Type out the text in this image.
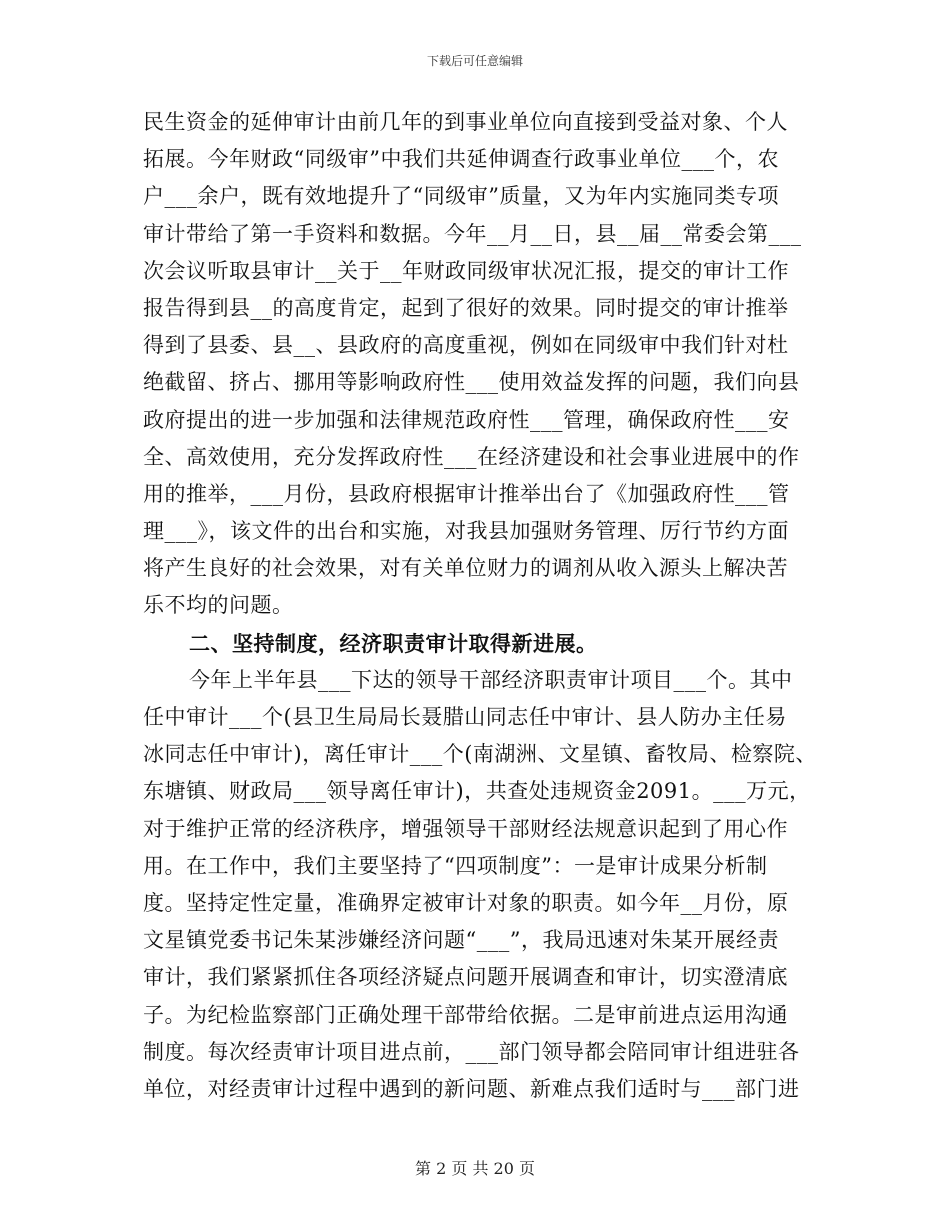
下载后可任意编辑
民生资金的延伸审计由前几年的到事业单位向直接到受益对象、个人
拓展。今年财政“同级审”中我们共延伸调查行政事业单位___个，农
户___余户，既有效地提升了“同级审”质量，又为年内实施同类专项
审计带给了第一手资料和数据。今年__月__日，县__届__常委会第___
次会议听取县审计__关于__年财政同级审状况汇报，提交的审计工作
报告得到县__的高度肯定，起到了很好的效果。同时提交的审计推举
得到了县委、县__、县政府的高度重视，例如在同级审中我们针对杜
绝截留、挤占、挪用等影响政府性___使用效益发挥的问题，我们向县
政府提出的进一步加强和法律规范政府性___管理，确保政府性___安
全、高效使用，充分发挥政府性___在经济建设和社会事业进展中的作
用的推举，___月份，县政府根据审计推举出台了《加强政府性___管
理___》，该文件的出台和实施，对我县加强财务管理、厉行节约方面
将产生良好的社会效果，对有关单位财力的调剂从收入源头上解决苦
乐不均的问题。
二、坚持制度，经济职责审计取得新进展。
今年上半年县___下达的领导干部经济职责审计项目___个。其中
任中审计___个(县卫生局局长聂腊山同志任中审计、县人防办主任易
冰同志任中审计)，离任审计___个(南湖洲、文星镇、畜牧局、检察院、
东塘镇、财政局___领导离任审计)，共查处违规资金2091。___万元，
对于维护正常的经济秩序，增强领导干部财经法规意识起到了用心作
用。在工作中，我们主要坚持了“四项制度”：一是审计成果分析制
度。坚持定性定量，准确界定被审计对象的职责。如今年__月份，原
文星镇党委书记朱某涉嫌经济问题“___”，我局迅速对朱某开展经责
审计，我们紧紧抓住各项经济疑点问题开展调查和审计，切实澄清底
子。为纪检监察部门正确处理干部带给依据。二是审前进点运用沟通
制度。每次经责审计项目进点前，___部门领导都会陪同审计组进驻各
单位，对经责审计过程中遇到的新问题、新难点我们适时与___部门进
第 2 页 共 20 页
